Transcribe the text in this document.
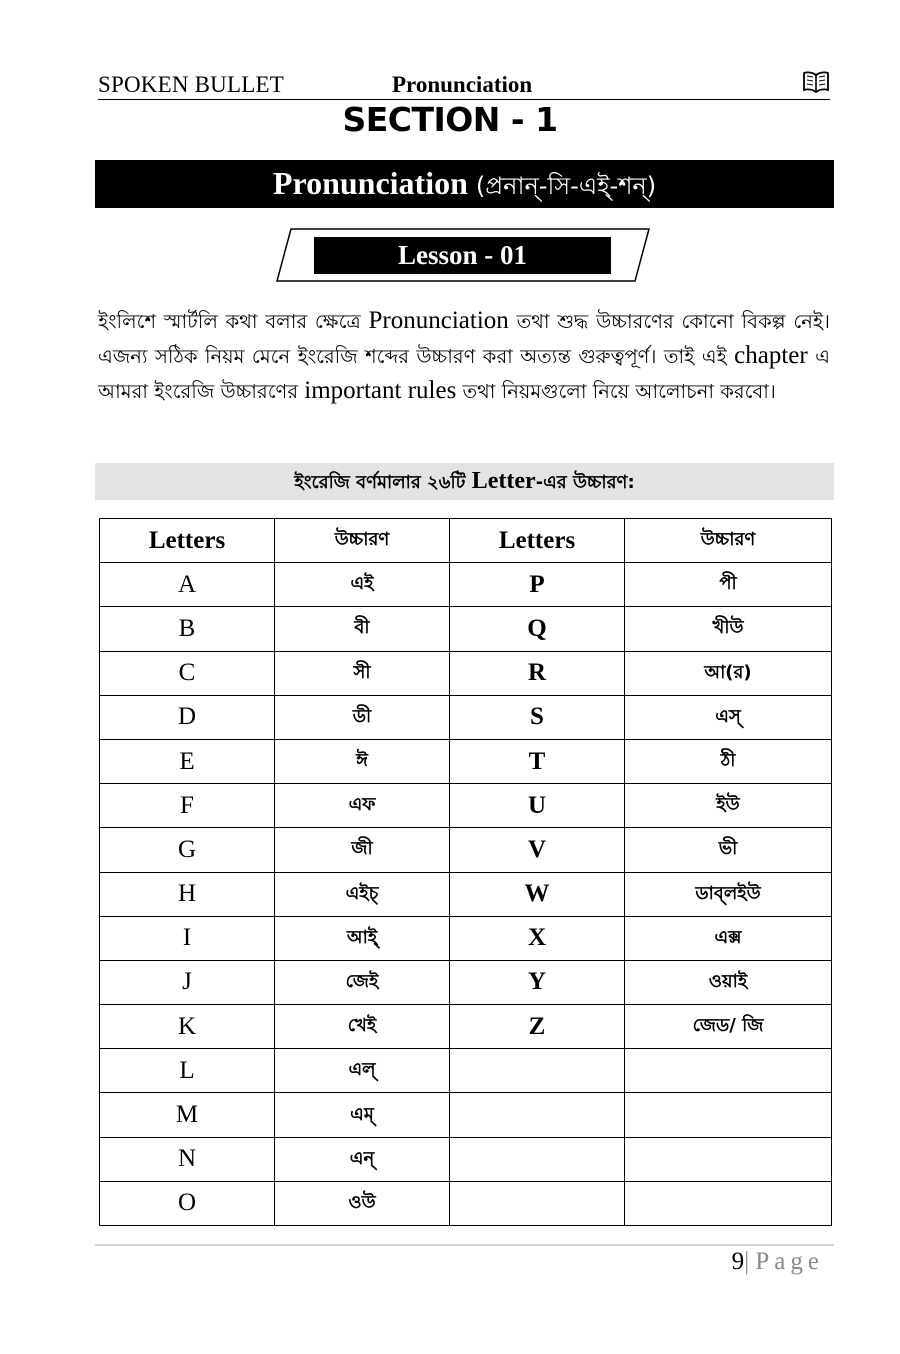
SPOKEN BULLET	Pronunciation
SECTION - 1
Pronunciation (প্রনান্-সি-এই্-শন্)
Lesson - 01

ইংলিশে স্মার্টলি কথা বলার ক্ষেত্রে Pronunciation তথা শুদ্ধ উচ্চারণের কোনো বিকল্প নেই। এজন্য সঠিক নিয়ম মেনে ইংরেজি শব্দের উচ্চারণ করা অত্যন্ত গুরুত্বপূর্ণ। তাই এই chapter এ আমরা ইংরেজি উচ্চারণের important rules তথা নিয়মগুলো নিয়ে আলোচনা করবো।

ইংরেজি বর্ণমালার ২৬টি Letter-এর উচ্চারণ:
Letters	উচ্চারণ	Letters	উচ্চারণ
A	এই	P	পী
B	বী	Q	খীউ
C	সী	R	আ(র)
D	ডী	S	এস্
E	ঈ	T	ঠী
F	এফ	U	ইউ
G	জী	V	ভী
H	এইচ্	W	ডাব্‌লইউ
I	আই্	X	এক্স
J	জেই	Y	ওয়াই
K	খেই	Z	জেড/ জি
L	এল্		
M	এম্		
N	এন্		
O	ওউ		
9| Page
